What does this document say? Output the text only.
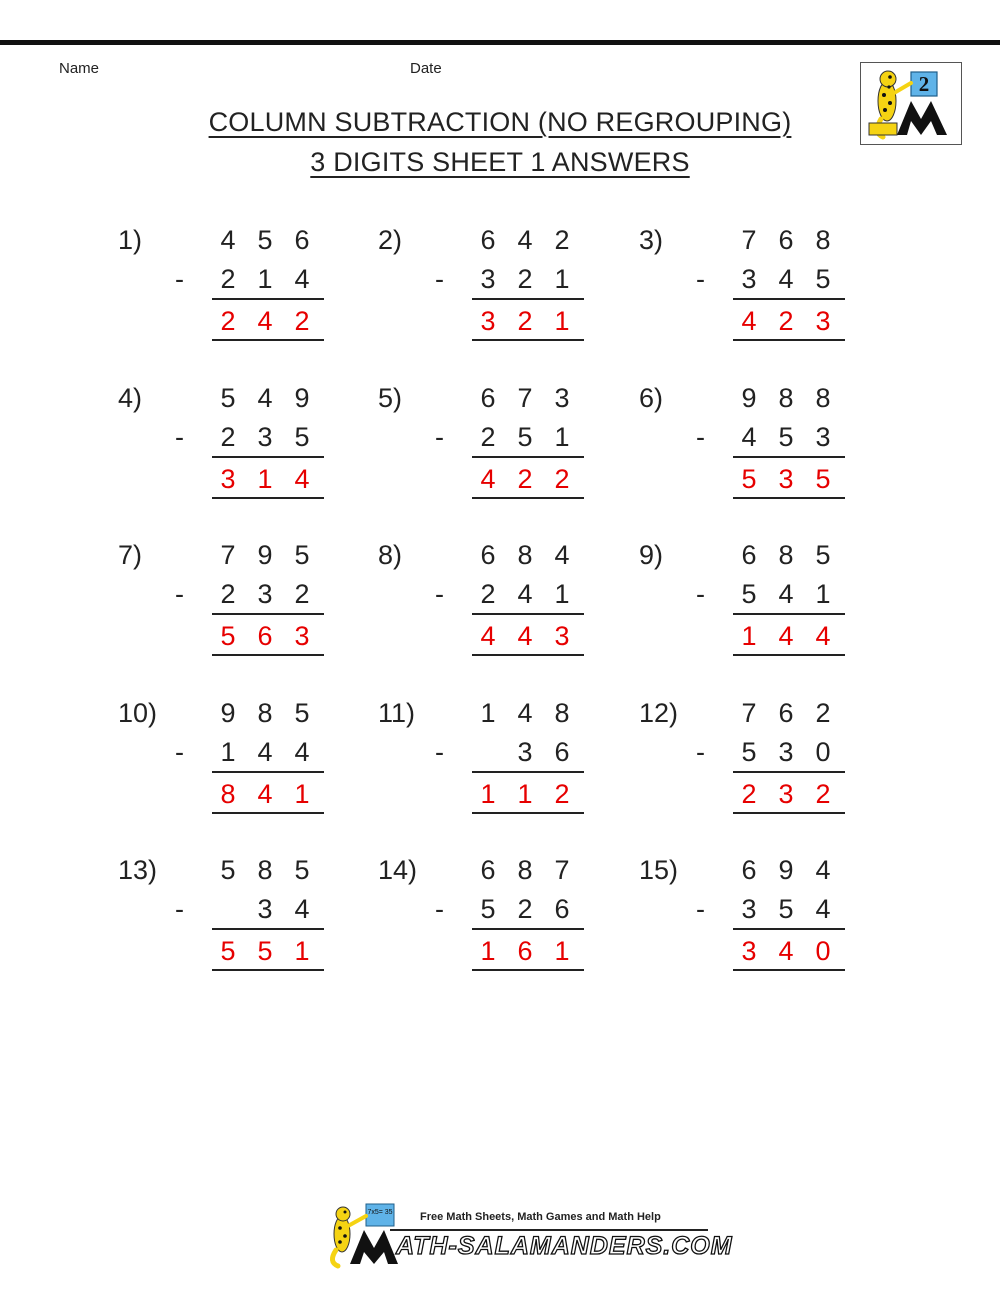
Name	Date
COLUMN SUBTRACTION (NO REGROUPING)
3 DIGITS SHEET 1 ANSWERS
2
1)	4 5 6
2 1 4
-
2 4 2
2)	6 4 2
3 2 1
-
3 2 1
3)	7 6 8
3 4 5
-
4 2 3
4)	5 4 9
2 3 5
-
3 1 4
5)	6 7 3
2 5 1
-
4 2 2
6)	9 8 8
4 5 3
-
5 3 5
7)	7 9 5
2 3 2
-
5 6 3
8)	6 8 4
2 4 1
-
4 4 3
9)	6 8 5
5 4 1
-
1 4 4
10) 9 8 5
1 4 4
-
8 4 1
11) 1 4 8
3 6
-
1 1 2
12) 7 6 2
5 3 0
-
2 3 2
13) 5 8 5
3 4
-
5 5 1
14) 6 8 7
5 2 6
-
1 6 1
15) 6 9 4
3 5 4
-
3 4 0
7x5= 35 Free Math Sheets, Math Games and Math Help
ATH-SALAMANDERS.COM
